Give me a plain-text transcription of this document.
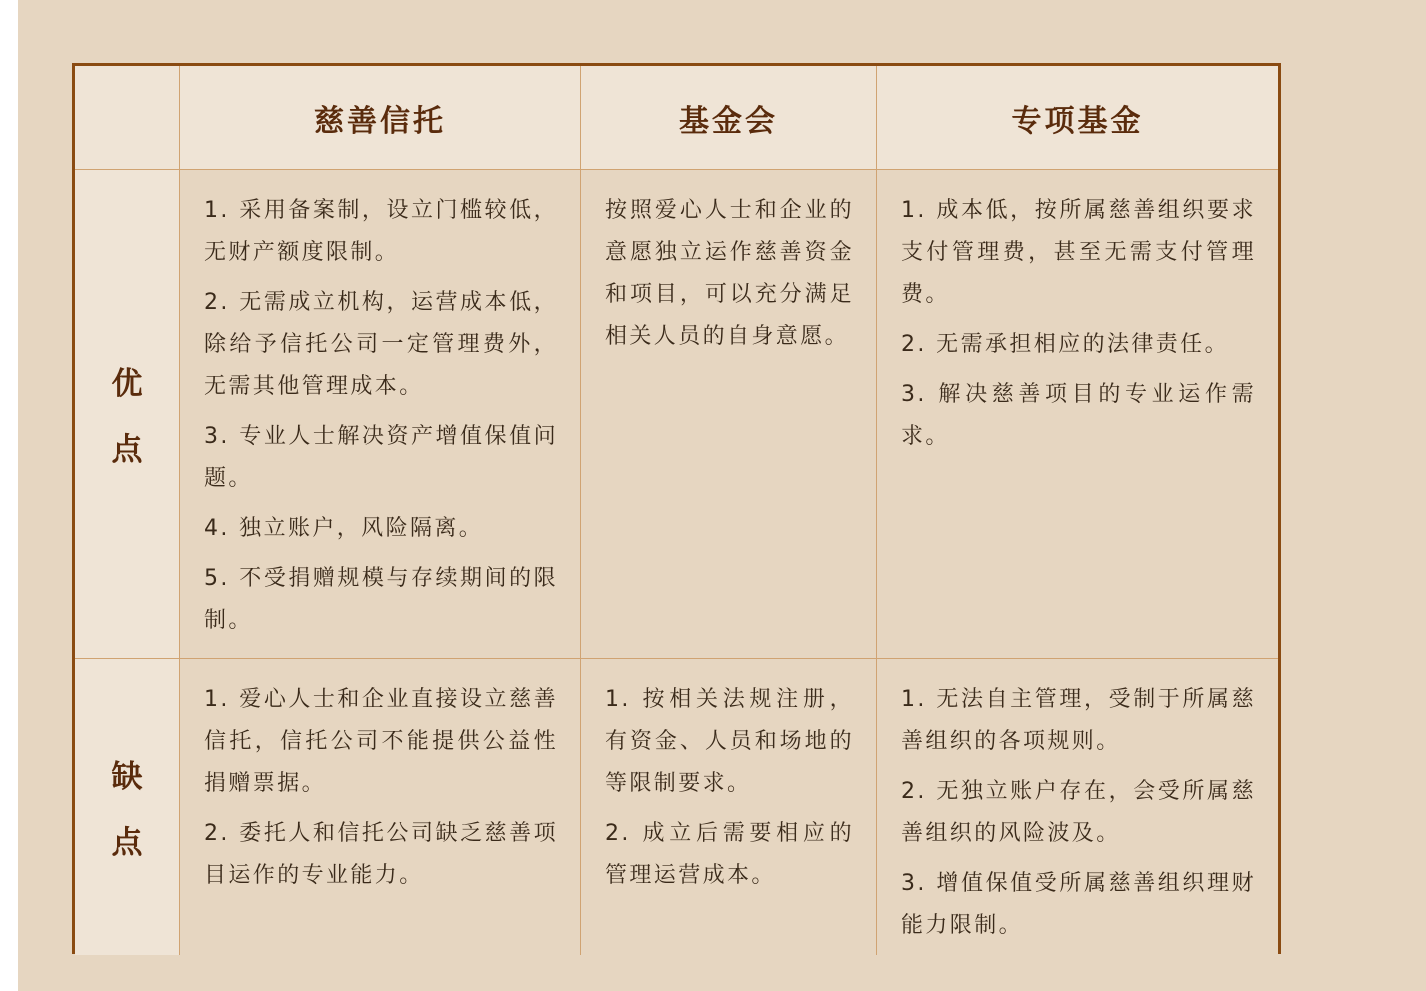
慈善信托	基金会	专项基金
优点

1. 采用备案制，设立门槛较低，无财产额度限制。

2. 无需成立机构，运营成本低，除给予信托公司一定管理费外，无需其他管理成本。

3. 专业人士解决资产增值保值问题。

4. 独立账户，风险隔离。

5. 不受捐赠规模与存续期间的限制。

按照爱心人士和企业的意愿独立运作慈善资金和项目，可以充分满足相关人员的自身意愿。

1. 成本低，按所属慈善组织要求支付管理费，甚至无需支付管理费。

2. 无需承担相应的法律责任。

3. 解决慈善项目的专业运作需求。

缺点

1. 爱心人士和企业直接设立慈善信托，信托公司不能提供公益性捐赠票据。

2. 委托人和信托公司缺乏慈善项目运作的专业能力。

1. 按相关法规注册，有资金、人员和场地的等限制要求。

2. 成立后需要相应的管理运营成本。

1. 无法自主管理，受制于所属慈善组织的各项规则。

2. 无独立账户存在，会受所属慈善组织的风险波及。

3. 增值保值受所属慈善组织理财能力限制。
